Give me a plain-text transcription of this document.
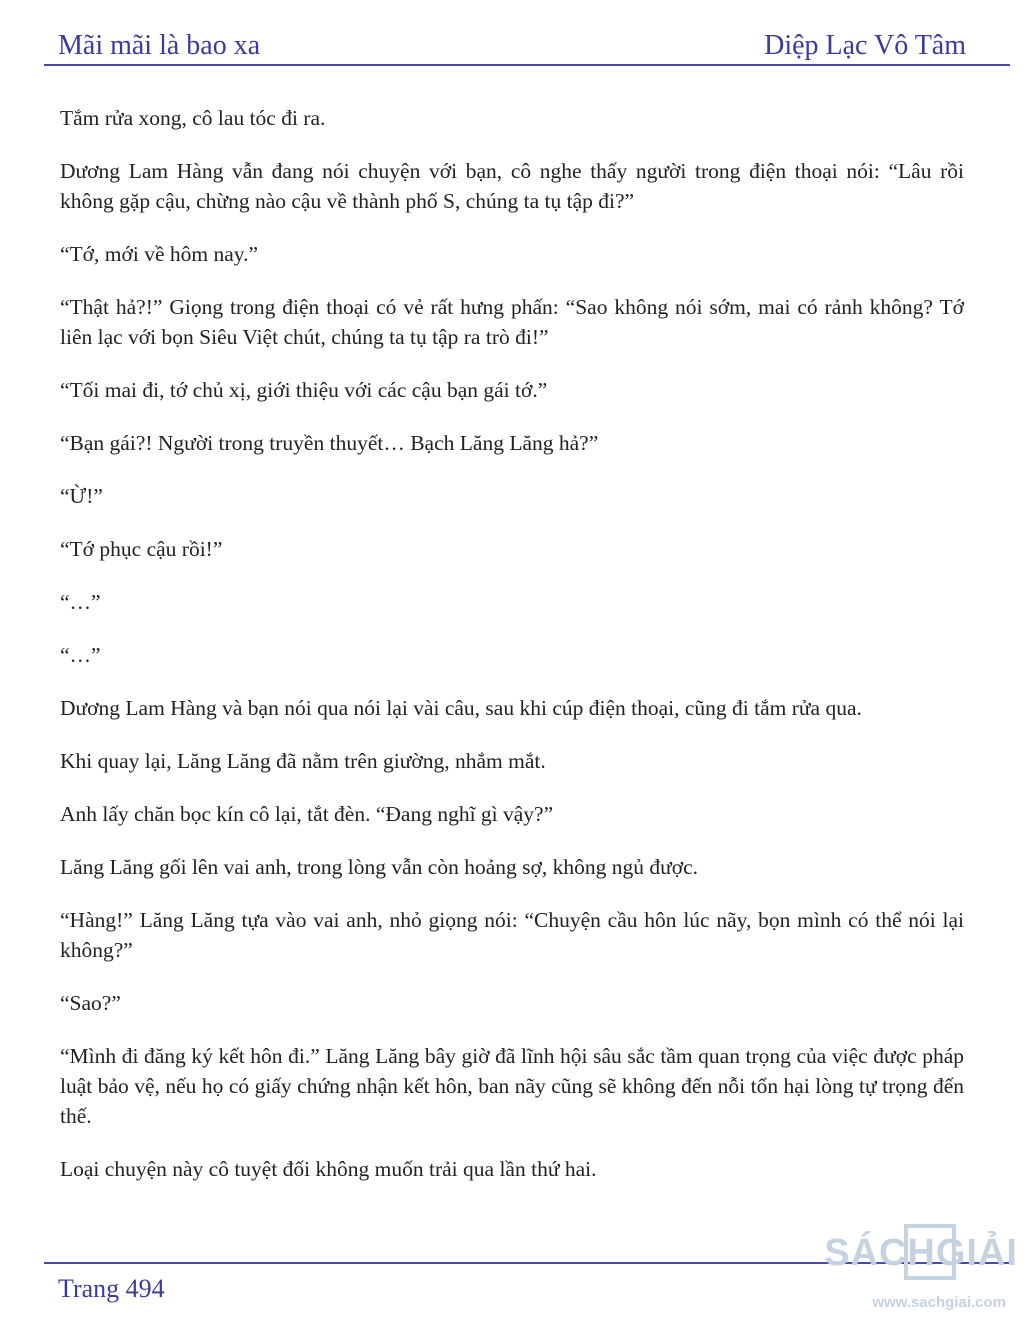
Mãi mãi là bao xa	Diệp Lạc Vô Tâm

Tắm rửa xong, cô lau tóc đi ra.

Dương Lam Hàng vẫn đang nói chuyện với bạn, cô nghe thấy người trong điện thoại nói: “Lâu rồi không gặp cậu, chừng nào cậu về thành phố S, chúng ta tụ tập đi?”

“Tớ, mới về hôm nay.”

“Thật hả?!” Giọng trong điện thoại có vẻ rất hưng phấn: “Sao không nói sớm, mai có rảnh không? Tớ liên lạc với bọn Siêu Việt chút, chúng ta tụ tập ra trò đi!”

“Tối mai đi, tớ chủ xị, giới thiệu với các cậu bạn gái tớ.”

“Bạn gái?! Người trong truyền thuyết… Bạch Lăng Lăng hả?”

“Ừ!”

“Tớ phục cậu rồi!”

“…”

“…”

Dương Lam Hàng và bạn nói qua nói lại vài câu, sau khi cúp điện thoại, cũng đi tắm rửa qua.

Khi quay lại, Lăng Lăng đã nằm trên giường, nhắm mắt.

Anh lấy chăn bọc kín cô lại, tắt đèn. “Đang nghĩ gì vậy?”

Lăng Lăng gối lên vai anh, trong lòng vẫn còn hoảng sợ, không ngủ được.

“Hàng!” Lăng Lăng tựa vào vai anh, nhỏ giọng nói: “Chuyện cầu hôn lúc nãy, bọn mình có thể nói lại không?”

“Sao?”

“Mình đi đăng ký kết hôn đi.” Lăng Lăng bây giờ đã lĩnh hội sâu sắc tầm quan trọng của việc được pháp luật bảo vệ, nếu họ có giấy chứng nhận kết hôn, ban nãy cũng sẽ không đến nỗi tổn hại lòng tự trọng đến thế.

Loại chuyện này cô tuyệt đối không muốn trải qua lần thứ hai.

Trang 494
SÁCHGIẢI
www.sachgiai.com
